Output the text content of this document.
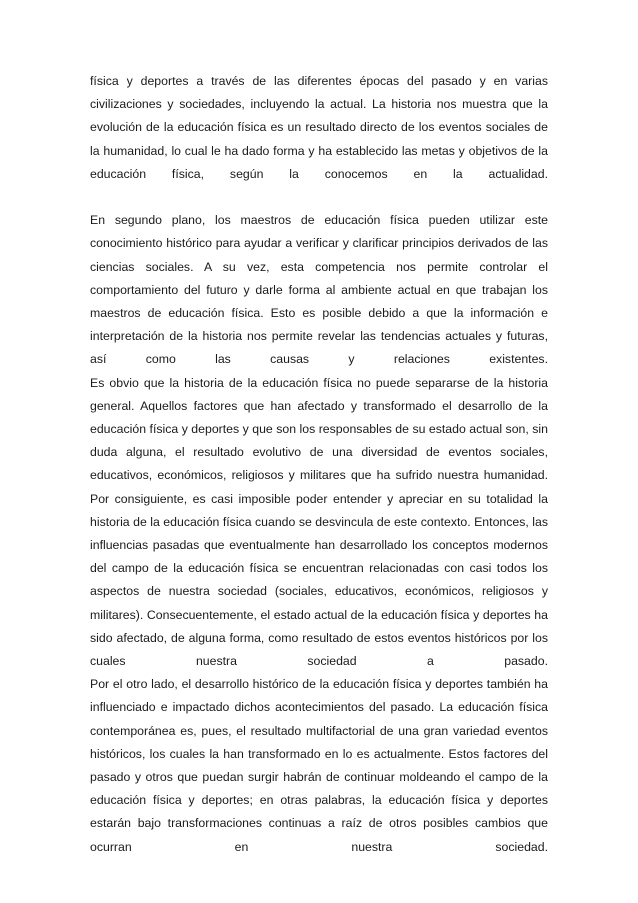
física y deportes a través de las diferentes épocas del pasado y en varias civilizaciones y sociedades, incluyendo la actual. La historia nos muestra que la evolución de la educación física es un resultado directo de los eventos sociales de la humanidad, lo cual le ha dado forma y ha establecido las metas y objetivos de la educación física, según la conocemos en la actualidad.

En segundo plano, los maestros de educación física pueden utilizar este conocimiento histórico para ayudar a verificar y clarificar principios derivados de las ciencias sociales. A su vez, esta competencia nos permite controlar el comportamiento del futuro y darle forma al ambiente actual en que trabajan los maestros de educación física. Esto es posible debido a que la información e interpretación de la historia nos permite revelar las tendencias actuales y futuras, así como las causas y relaciones existentes.

Es obvio que la historia de la educación física no puede separarse de la historia general. Aquellos factores que han afectado y transformado el desarrollo de la educación física y deportes y que son los responsables de su estado actual son, sin duda alguna, el resultado evolutivo de una diversidad de eventos sociales, educativos, económicos, religiosos y militares que ha sufrido nuestra humanidad. Por consiguiente, es casi imposible poder entender y apreciar en su totalidad la historia de la educación física cuando se desvincula de este contexto. Entonces, las influencias pasadas que eventualmente han desarrollado los conceptos modernos del campo de la educación física se encuentran relacionadas con casi todos los aspectos de nuestra sociedad (sociales, educativos, económicos, religiosos y militares). Consecuentemente, el estado actual de la educación física y deportes ha sido afectado, de alguna forma, como resultado de estos eventos históricos por los cuales nuestra sociedad a pasado.

Por el otro lado, el desarrollo histórico de la educación física y deportes también ha influenciado e impactado dichos acontecimientos del pasado. La educación física contemporánea es, pues, el resultado multifactorial de una gran variedad eventos históricos, los cuales la han transformado en lo es actualmente. Estos factores del pasado y otros que puedan surgir habrán de continuar moldeando el campo de la educación física y deportes; en otras palabras, la educación física y deportes estarán bajo transformaciones continuas a raíz de otros posibles cambios que ocurran en nuestra sociedad.
